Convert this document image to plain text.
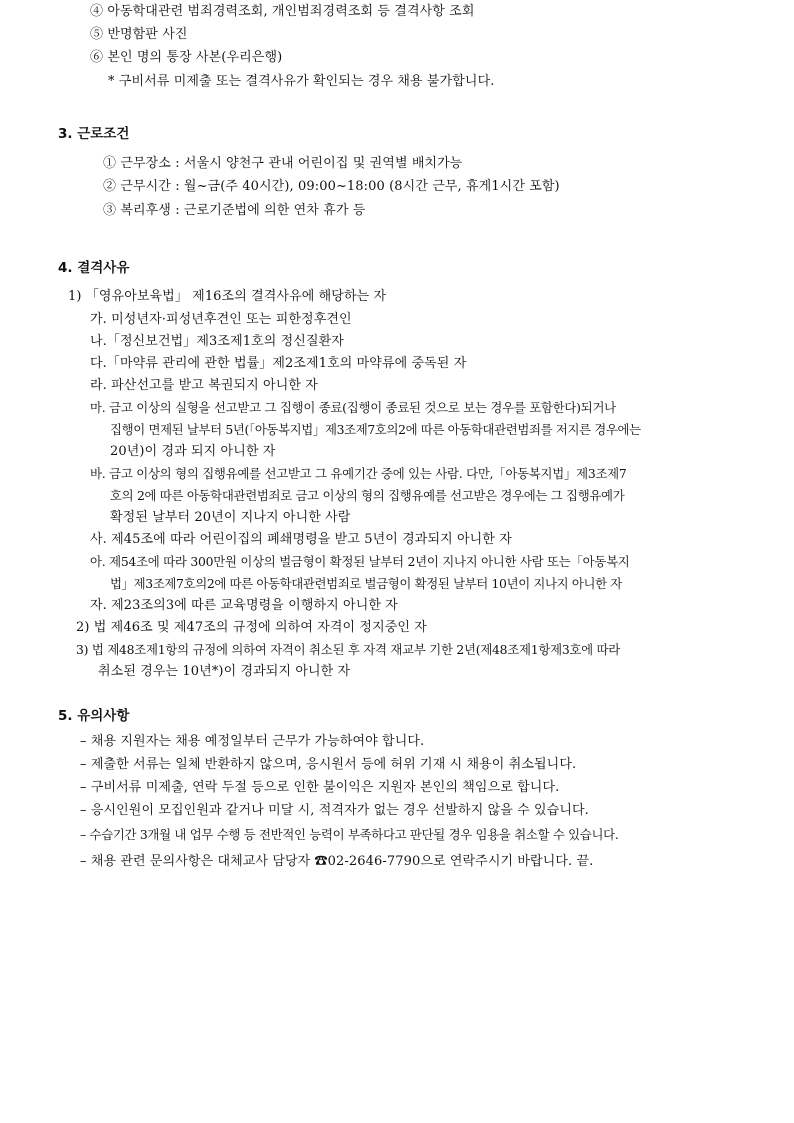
④ 아동학대관련 범죄경력조회, 개인범죄경력조회 등 결격사항 조회
⑤ 반명함판 사진
⑥ 본인 명의 통장 사본(우리은행)
* 구비서류 미제출 또는 결격사유가 확인되는 경우 채용 불가합니다.
3. 근로조건
① 근무장소 : 서울시 양천구 관내 어린이집 및 권역별 배치가능
② 근무시간 : 월~금(주 40시간), 09:00~18:00 (8시간 근무, 휴게1시간 포함)
③ 복리후생 : 근로기준법에 의한 연차 휴가 등
4. 결격사유
1) 「영유아보육법」 제16조의 결격사유에 해당하는 자
가. 미성년자·피성년후견인 또는 피한정후견인
나.「정신보건법」제3조제1호의 정신질환자
다.「마약류 관리에 관한 법률」제2조제1호의 마약류에 중독된 자
라. 파산선고를 받고 복권되지 아니한 자
마. 금고 이상의 실형을 선고받고 그 집행이 종료(집행이 종료된 것으로 보는 경우를 포함한다)되거나
집행이 면제된 날부터 5년(「아동복지법」제3조제7호의2에 따른 아동학대관련범죄를 저지른 경우에는
20년)이 경과 되지 아니한 자
바. 금고 이상의 형의 집행유예를 선고받고 그 유예기간 중에 있는 사람. 다만,「아동복지법」제3조제7
호의 2에 따른 아동학대관련범죄로 금고 이상의 형의 집행유예를 선고받은 경우에는 그 집행유예가
확정된 날부터 20년이 지나지 아니한 사람
사. 제45조에 따라 어린이집의 폐쇄명령을 받고 5년이 경과되지 아니한 자
아. 제54조에 따라 300만원 이상의 벌금형이 확정된 날부터 2년이 지나지 아니한 사람 또는「아동복지
법」제3조제7호의2에 따른 아동학대관련범죄로 벌금형이 확정된 날부터 10년이 지나지 아니한 자
자. 제23조의3에 따른 교육명령을 이행하지 아니한 자
2) 법 제46조 및 제47조의 규정에 의하여 자격이 정지중인 자
3) 법 제48조제1항의 규정에 의하여 자격이 취소된 후 자격 재교부 기한 2년(제48조제1항제3호에 따라
취소된 경우는 10년*)이 경과되지 아니한 자
5. 유의사항
– 채용 지원자는 채용 예정일부터 근무가 가능하여야 합니다.
– 제출한 서류는 일체 반환하지 않으며, 응시원서 등에 허위 기재 시 채용이 취소됩니다.
– 구비서류 미제출, 연락 두절 등으로 인한 불이익은 지원자 본인의 책임으로 합니다.
– 응시인원이 모집인원과 같거나 미달 시, 적격자가 없는 경우 선발하지 않을 수 있습니다.
– 수습기간 3개월 내 업무 수행 등 전반적인 능력이 부족하다고 판단될 경우 임용을 취소할 수 있습니다.
– 채용 관련 문의사항은 대체교사 담당자 ☎02-2646-7790으로 연락주시기 바랍니다. 끝.
